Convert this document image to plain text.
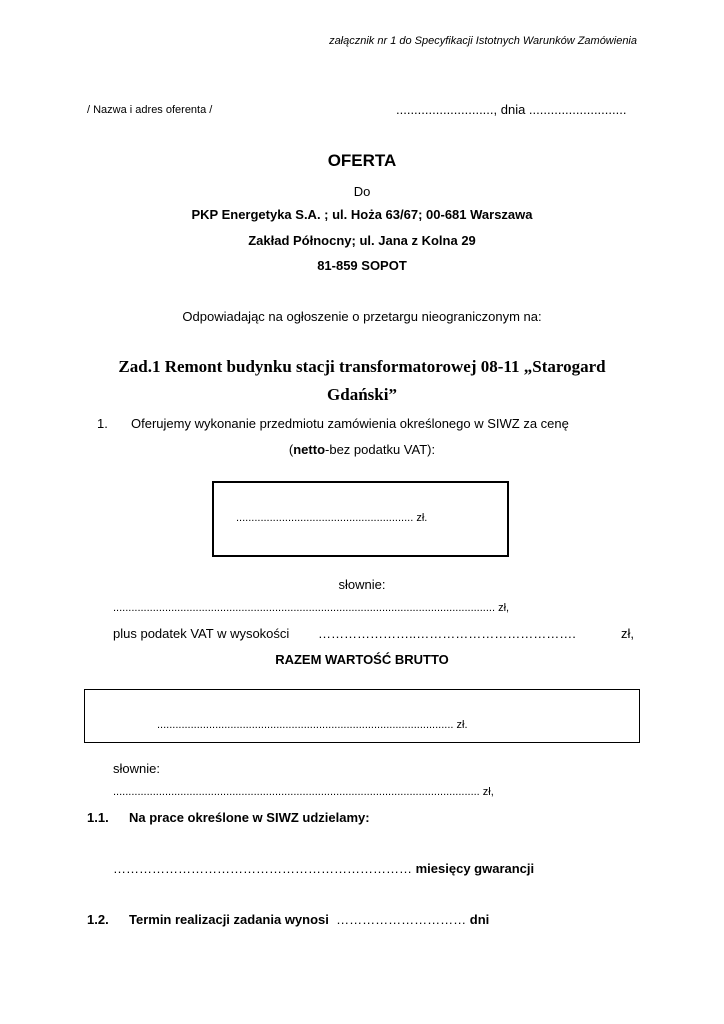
załącznik nr 1 do Specyfikacji Istotnych Warunków Zamówienia
/ Nazwa i adres oferenta /	..........................., dnia ...........................
OFERTA
Do
PKP Energetyka S.A. ; ul. Hoża 63/67; 00-681 Warszawa
Zakład Północny; ul. Jana z Kolna 29
81-859 SOPOT
Odpowiadając na ogłoszenie o przetargu nieograniczonym na:
Zad.1 Remont budynku stacji transformatorowej 08-11 „Starogard
Gdański”
1. Oferujemy wykonanie przedmiotu zamówienia określonego w SIWZ za cenę
(netto-bez podatku VAT):
.......................................................... zł.
słownie:
............................................................................................................................. zł,
plus podatek VAT w wysokości …………………..……………………………….	zł,
RAZEM WARTOŚĆ BRUTTO
................................................................................................. zł.
słownie:
........................................................................................................................ zł,
1.1. Na prace określone w SIWZ udzielamy:
…………………………………………………………… miesięcy gwarancji
1.2. Termin realizacji zadania wynosi ………………………… dni
